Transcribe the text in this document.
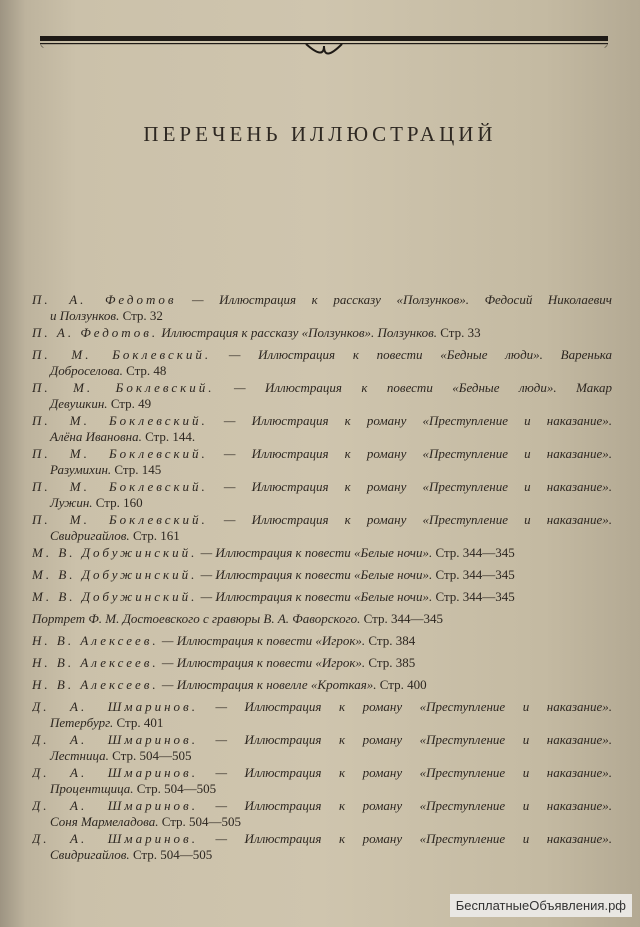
ПЕРЕЧЕНЬ ИЛЛЮСТРАЦИЙ
П. А. Федотов — Иллюстрация к рассказу «Ползунков». Федосий Николаевич
и Ползунков. Стр. 32
П. А. Федотов. Иллюстрация к рассказу «Ползунков». Ползунков. Стр. 33
П. М. Боклевский. — Иллюстрация к повести «Бедные люди». Варенька
Доброселова. Стр. 48
П. М. Боклевский. — Иллюстрация к повести «Бедные люди». Макар
Девушкин. Стр. 49
П. М. Боклевский. — Иллюстрация к роману «Преступление и наказание».
Алёна Ивановна. Стр. 144.
П. М. Боклевский. — Иллюстрация к роману «Преступление и наказание».
Разумихин. Стр. 145
П. М. Боклевский. — Иллюстрация к роману «Преступление и наказание».
Лужин. Стр. 160
П. М. Боклевский. — Иллюстрация к роману «Преступление и наказание».
Свидригайлов. Стр. 161
М. В. Добужинский. — Иллюстрация к повести «Белые ночи». Стр. 344—345
М. В. Добужинский. — Иллюстрация к повести «Белые ночи». Стр. 344—345
М. В. Добужинский. — Иллюстрация к повести «Белые ночи». Стр. 344—345
Портрет Ф. М. Достоевского с гравюры В. А. Фаворского. Стр. 344—345
Н. В. Алексеев. — Иллюстрация к повести «Игрок». Стр. 384
Н. В. Алексеев. — Иллюстрация к повести «Игрок». Стр. 385
Н. В. Алексеев. — Иллюстрация к новелле «Кроткая». Стр. 400
Д. А. Шмаринов. — Иллюстрация к роману «Преступление и наказание».
Петербург. Стр. 401
Д. А. Шмаринов. — Иллюстрация к роману «Преступление и наказание».
Лестница. Стр. 504—505
Д. А. Шмаринов. — Иллюстрация к роману «Преступление и наказание».
Процентщица. Стр. 504—505
Д. А. Шмаринов. — Иллюстрация к роману «Преступление и наказание».
Соня Мармеладова. Стр. 504—505
Д. А. Шмаринов. — Иллюстрация к роману «Преступление и наказание».
Свидригайлов. Стр. 504—505
БесплатныеОбъявления.рф
